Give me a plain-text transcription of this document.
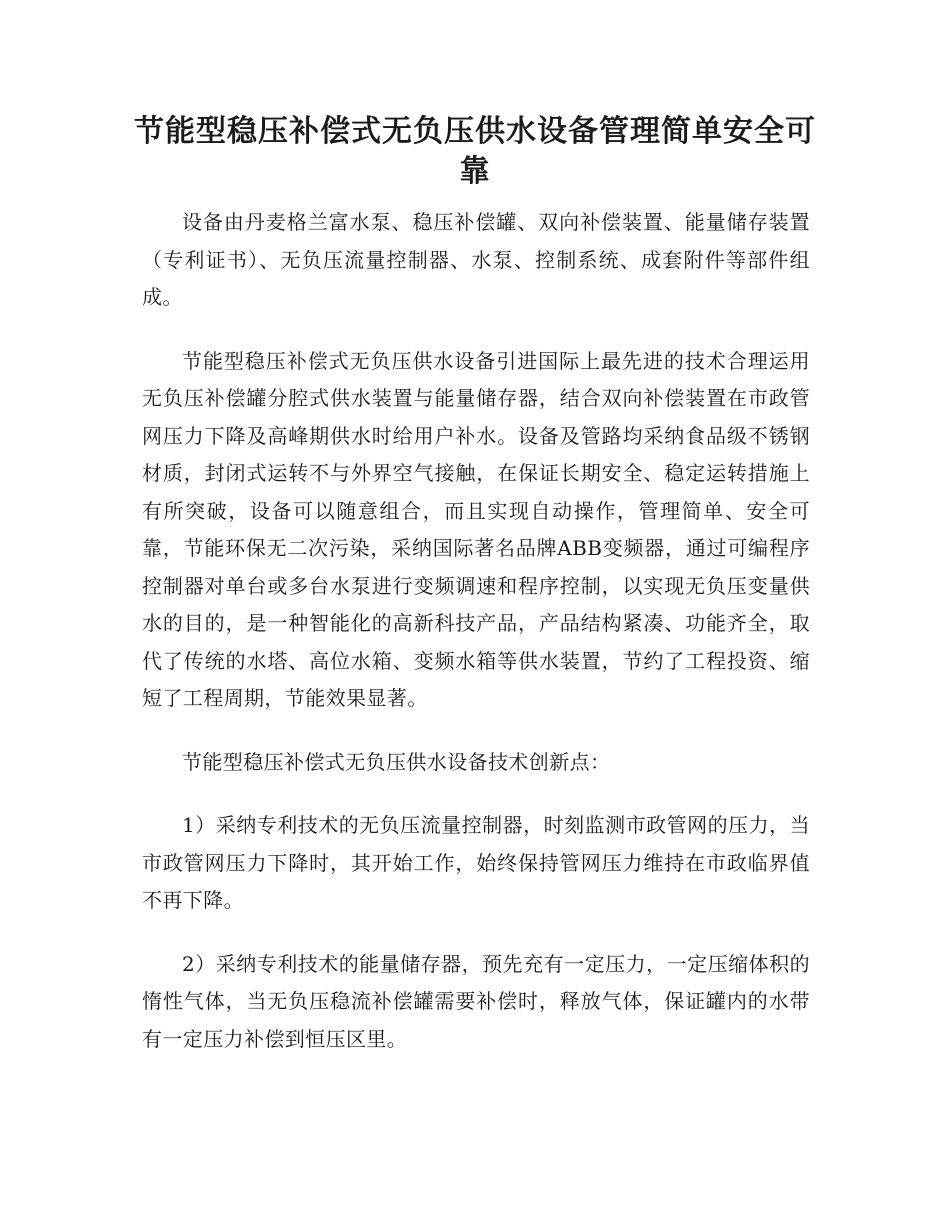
节能型稳压补偿式无负压供水设备管理简单安全可靠

设备由丹麦格兰富水泵、稳压补偿罐、双向补偿装置、能量储存装置（专利证书）、无负压流量控制器、水泵、控制系统、成套附件等部件组成。

节能型稳压补偿式无负压供水设备引进国际上最先进的技术合理运用无负压补偿罐分腔式供水装置与能量储存器，结合双向补偿装置在市政管网压力下降及高峰期供水时给用户补水。设备及管路均采纳食品级不锈钢材质，封闭式运转不与外界空气接触，在保证长期安全、稳定运转措施上有所突破，设备可以随意组合，而且实现自动操作，管理简单、安全可靠，节能环保无二次污染，采纳国际著名品牌ABB变频器，通过可编程序控制器对单台或多台水泵进行变频调速和程序控制，以实现无负压变量供水的目的，是一种智能化的高新科技产品，产品结构紧凑、功能齐全，取代了传统的水塔、高位水箱、变频水箱等供水装置，节约了工程投资、缩短了工程周期，节能效果显著。

节能型稳压补偿式无负压供水设备技术创新点：

1）采纳专利技术的无负压流量控制器，时刻监测市政管网的压力，当市政管网压力下降时，其开始工作，始终保持管网压力维持在市政临界值不再下降。

2）采纳专利技术的能量储存器，预先充有一定压力，一定压缩体积的惰性气体，当无负压稳流补偿罐需要补偿时，释放气体，保证罐内的水带有一定压力补偿到恒压区里。
